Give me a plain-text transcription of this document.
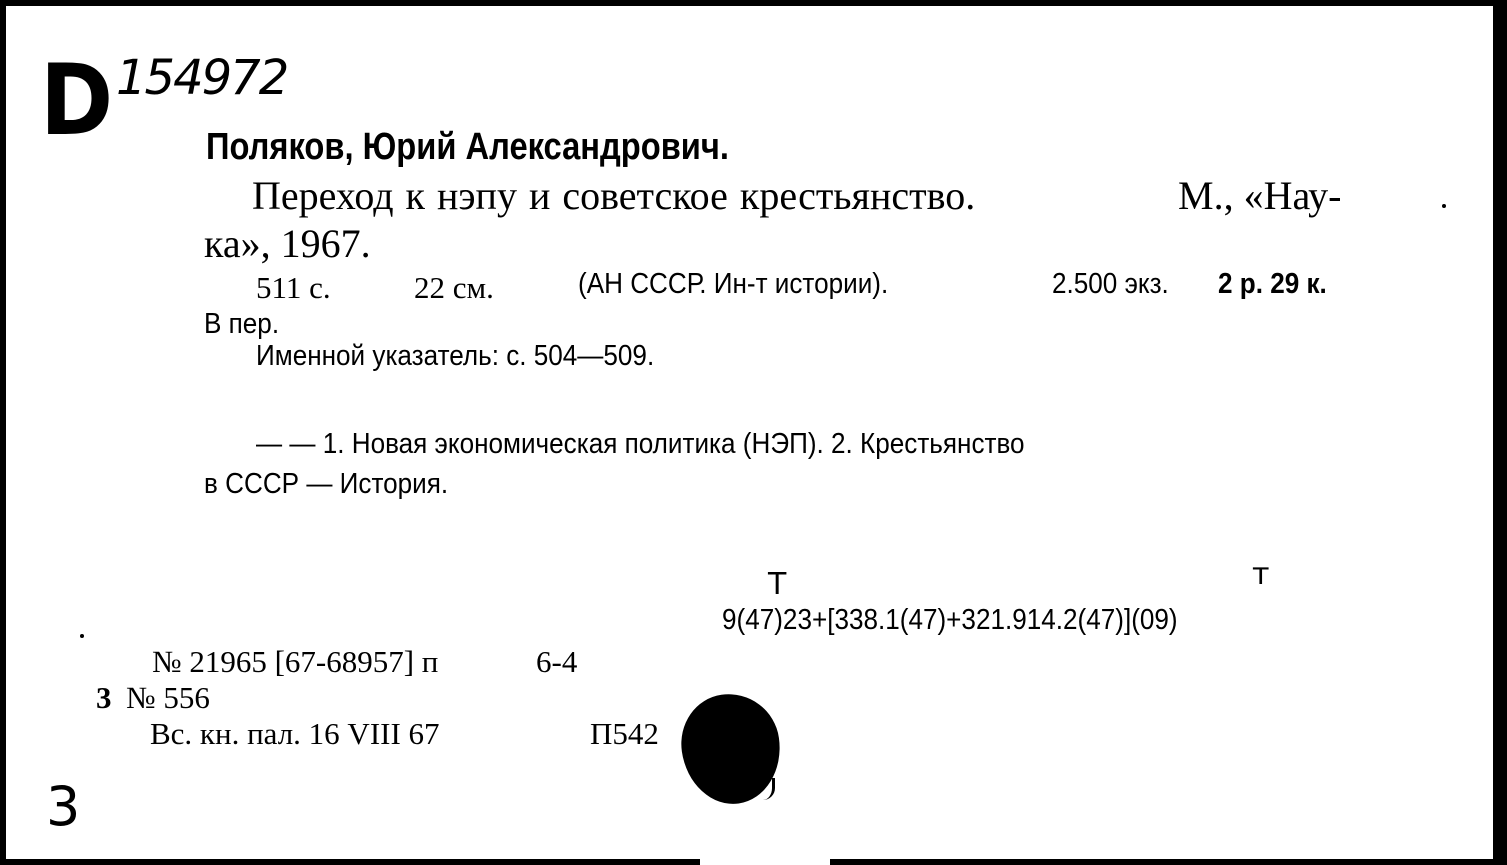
D 154972
Поляков, Юрий Александрович.
Переход к нэпу и советское крестьянство.	М., «Нау-
ка», 1967.
511 с.	22 см.	(АН СССР. Ин-т истории).	2.500 экз. 2 р. 29 к.
В пер.
Именной указатель: с. 504—509.
— — 1. Новая экономическая политика (НЭП). 2. Крестьянство
в СССР — История.
Т	т
9(47)23+[338.1(47)+321.914.2(47)](09)
№ 21965 [67-68957] п	6-4
3 № 556
Вс. кн. пал. 16 VIII 67	П542
3
